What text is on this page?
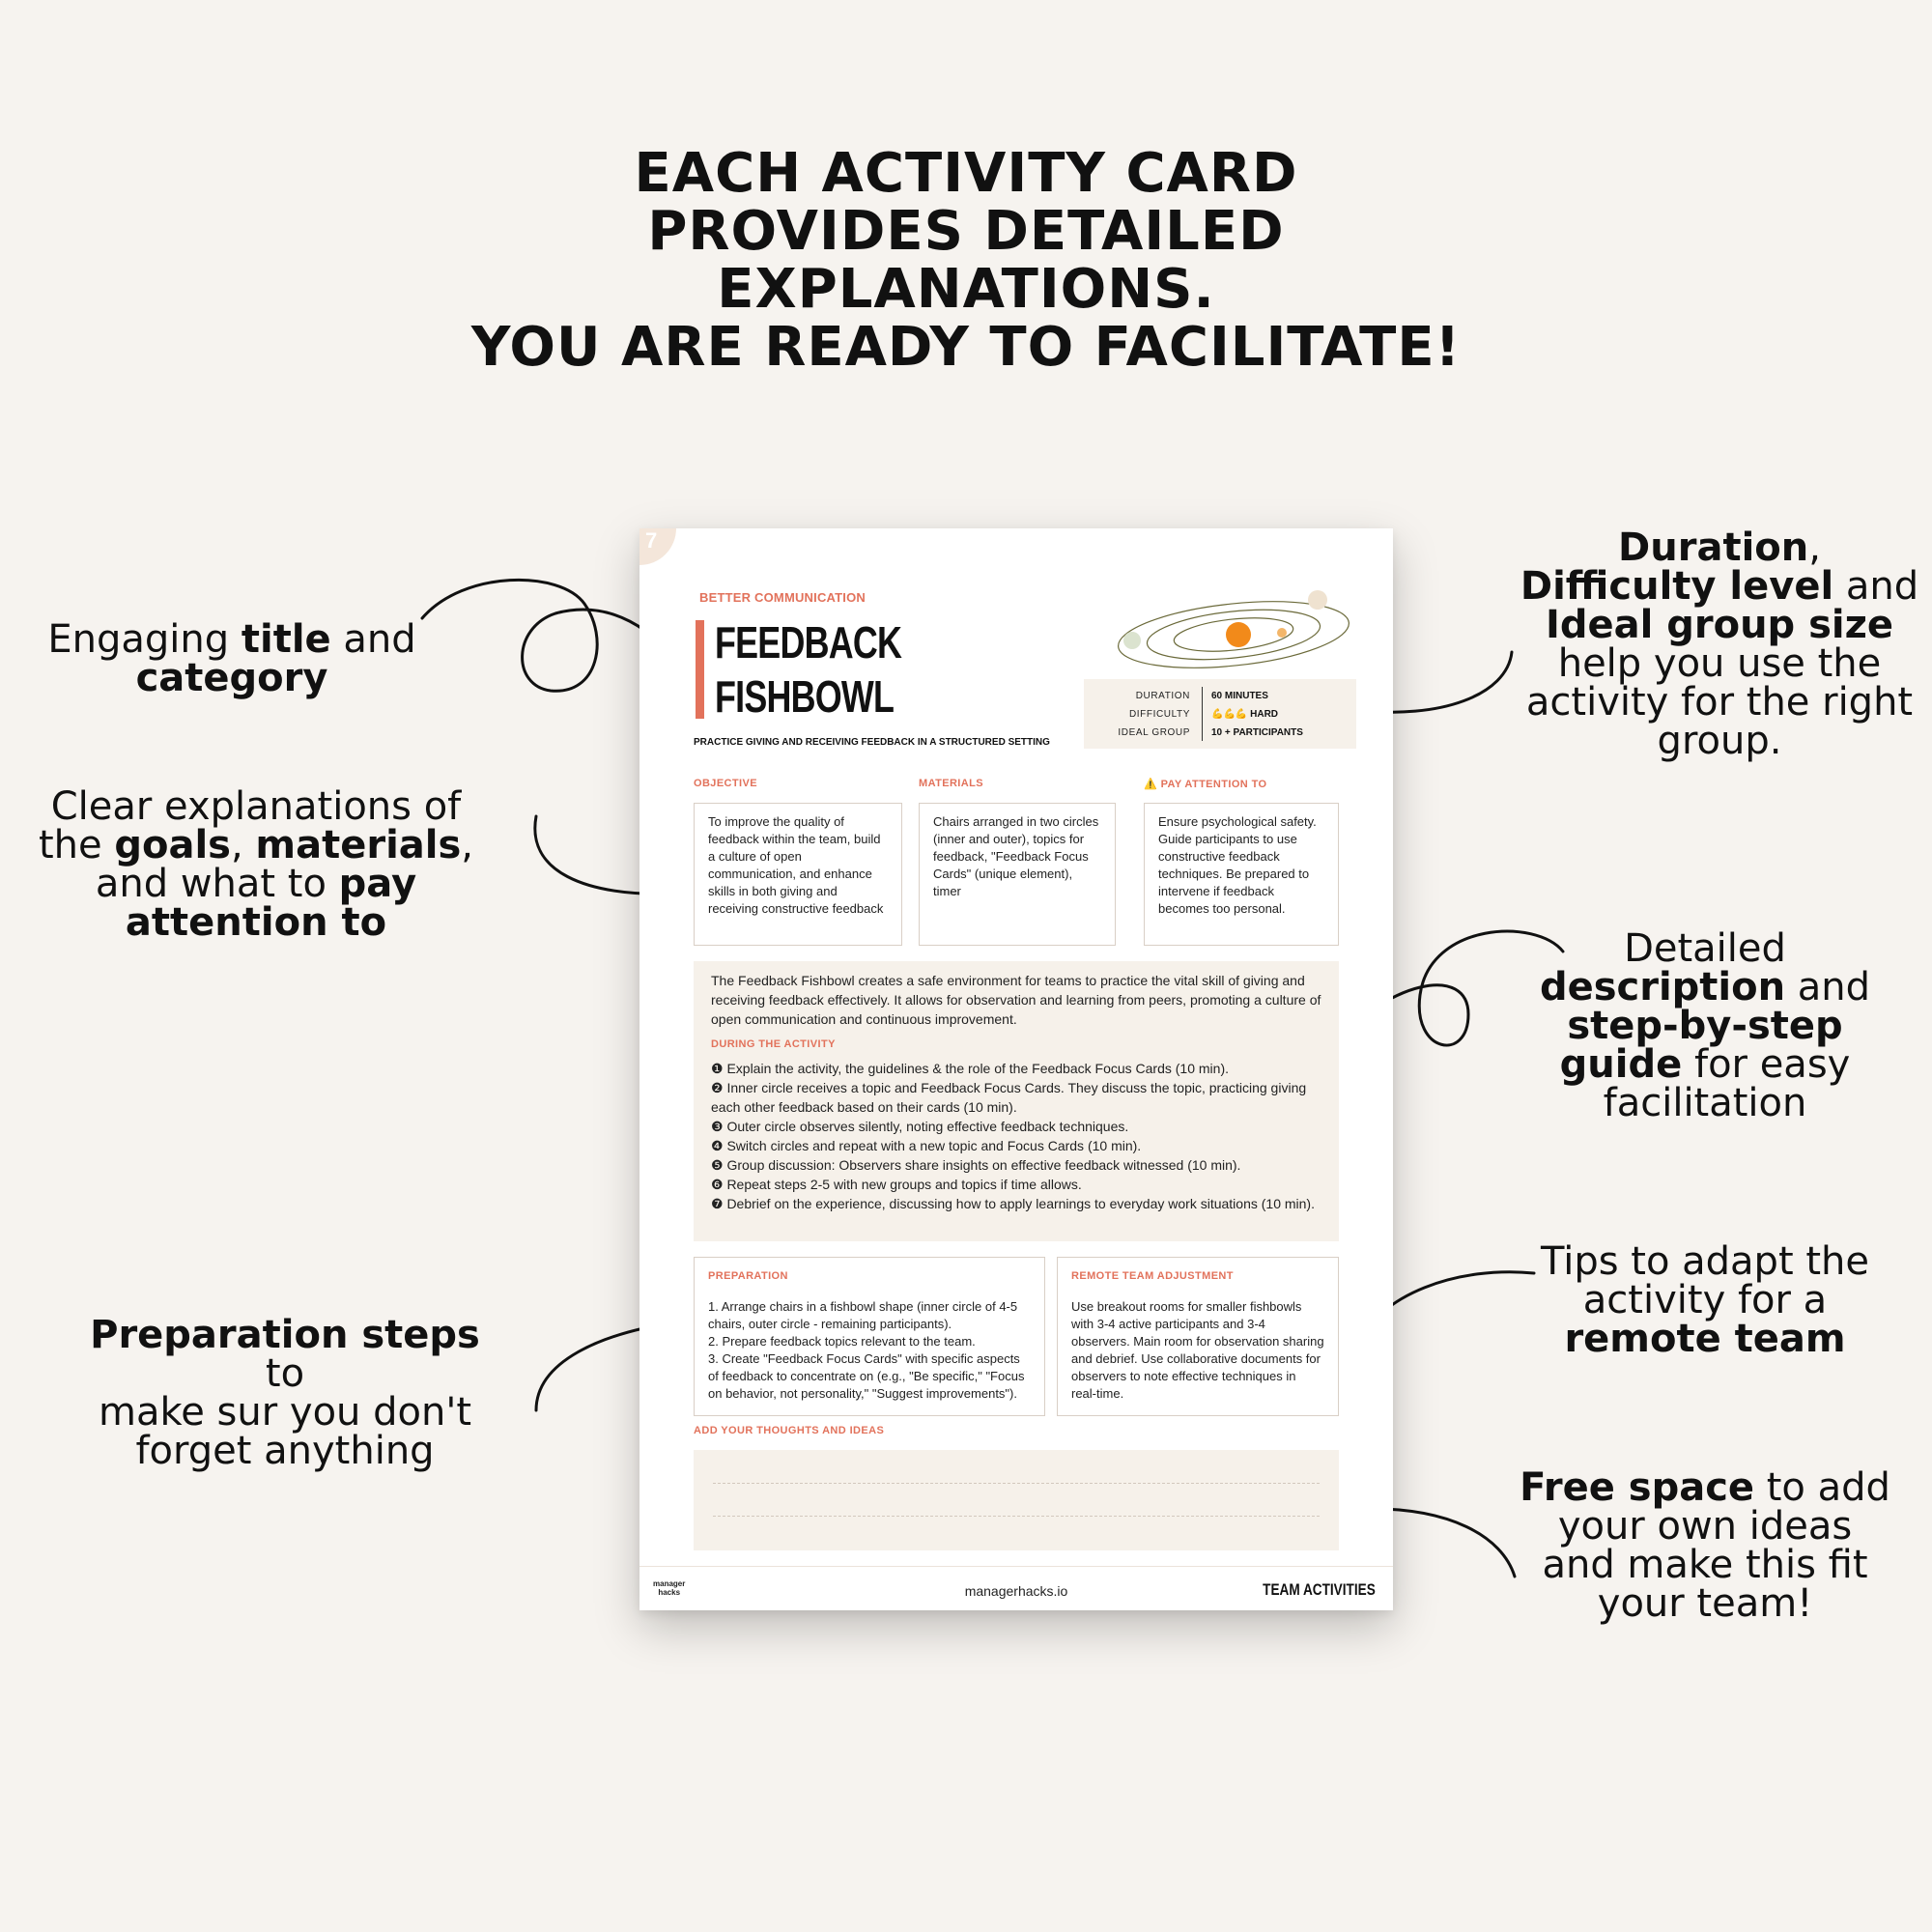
EACH ACTIVITY CARD
PROVIDES DETAILED
EXPLANATIONS.
YOU ARE READY TO FACILITATE!
Engaging title and
category
Clear explanations of
the goals, materials,
and what to pay
attention to
Preparation steps to
make sur you don't
forget anything
Duration,
Difficulty level and
Ideal group size
help you use the
activity for the right
group.
Detailed
description and
step-by-step
guide for easy
facilitation
Tips to adapt the
activity for a
remote team
Free space to add
your own ideas
and make this fit
your team!
7
BETTER COMMUNICATION
FEEDBACK
FISHBOWL
PRACTICE GIVING AND RECEIVING FEEDBACK IN A STRUCTURED SETTING
DURATION
DIFFICULTY
IDEAL GROUP
60 MINUTES
💪💪💪 HARD
10 + PARTICIPANTS
OBJECTIVE
To improve the quality of feedback within the team, build a culture of open communication, and enhance skills in both giving and receiving constructive feedback
MATERIALS
Chairs arranged in two circles (inner and outer), topics for feedback, "Feedback Focus Cards" (unique element), timer
⚠️ PAY ATTENTION TO
Ensure psychological safety. Guide participants to use constructive feedback techniques. Be prepared to intervene if feedback becomes too personal.
The Feedback Fishbowl creates a safe environment for teams to practice the vital skill of giving and receiving feedback effectively. It allows for observation and learning from peers, promoting a culture of open communication and continuous improvement.
DURING THE ACTIVITY
❶ Explain the activity, the guidelines & the role of the Feedback Focus Cards (10 min).
❷ Inner circle receives a topic and Feedback Focus Cards. They discuss the topic, practicing giving each other feedback based on their cards (10 min).
❸ Outer circle observes silently, noting effective feedback techniques.
❹ Switch circles and repeat with a new topic and Focus Cards (10 min).
❺ Group discussion: Observers share insights on effective feedback witnessed (10 min).
❻ Repeat steps 2-5 with new groups and topics if time allows.
❼ Debrief on the experience, discussing how to apply learnings to everyday work situations (10 min).
PREPARATION
1. Arrange chairs in a fishbowl shape (inner circle of 4-5 chairs, outer circle - remaining participants).
2. Prepare feedback topics relevant to the team.
3. Create "Feedback Focus Cards" with specific aspects of feedback to concentrate on (e.g., "Be specific," "Focus on behavior, not personality," "Suggest improvements").
REMOTE TEAM ADJUSTMENT
Use breakout rooms for smaller fishbowls with 3-4 active participants and 3-4 observers. Main room for observation sharing and debrief. Use collaborative documents for observers to note effective techniques in real-time.
ADD YOUR THOUGHTS AND IDEAS
manager
hacks	managerhacks.io	TEAM ACTIVITIES
